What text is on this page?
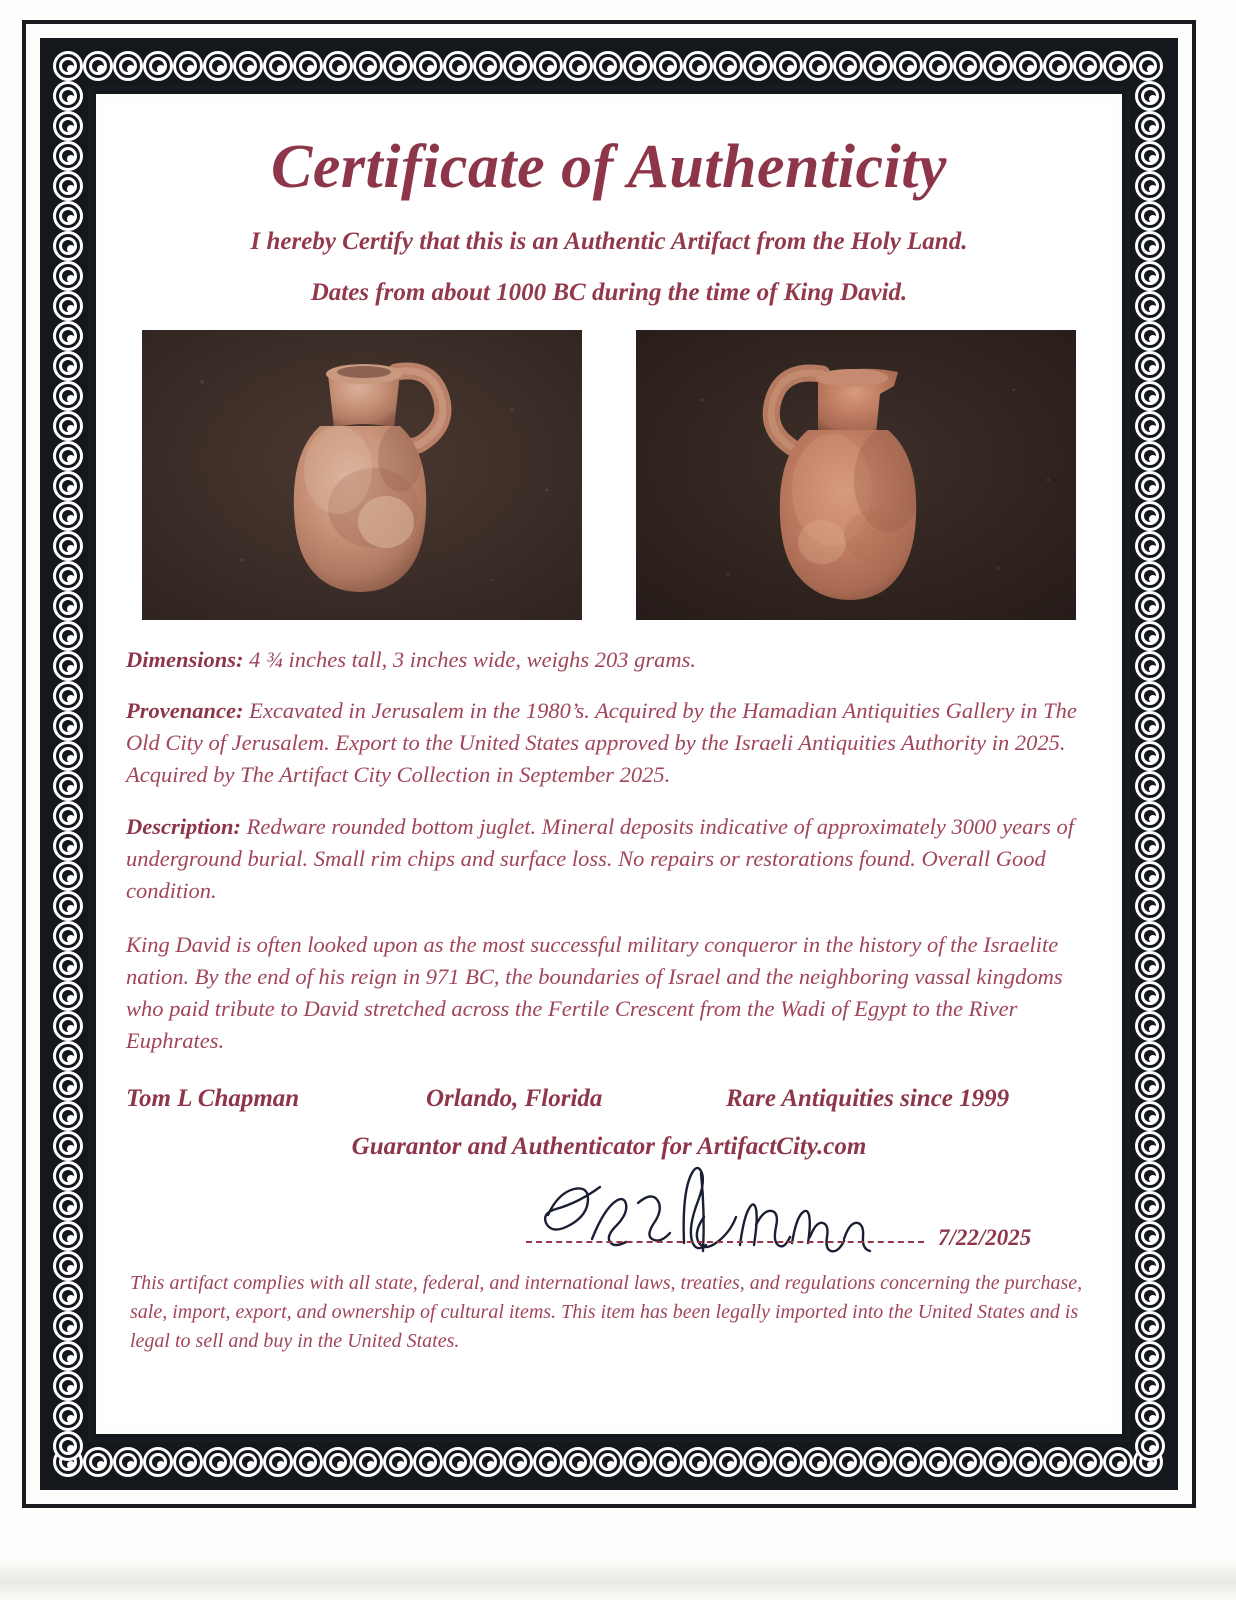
Certificate of Authenticity

I hereby Certify that this is an Authentic Artifact from the Holy Land.

Dates from about 1000 BC during the time of King David.

Dimensions: 4 ¾ inches tall, 3 inches wide, weighs 203 grams.

Provenance: Excavated in Jerusalem in the 1980’s. Acquired by the Hamadian Antiquities Gallery in The Old City of Jerusalem. Export to the United States approved by the Israeli Antiquities Authority in 2025. Acquired by The Artifact City Collection in September 2025.

Description: Redware rounded bottom juglet. Mineral deposits indicative of approximately 3000 years of underground burial. Small rim chips and surface loss. No repairs or restorations found. Overall Good condition.

King David is often looked upon as the most successful military conqueror in the history of the Israelite nation. By the end of his reign in 971 BC, the boundaries of Israel and the neighboring vassal kingdoms who paid tribute to David stretched across the Fertile Crescent from the Wadi of Egypt to the River Euphrates.

Tom L Chapman	Orlando, Florida	Rare Antiquities since 1999

Guarantor and Authenticator for ArtifactCity.com

7/22/2025

This artifact complies with all state, federal, and international laws, treaties, and regulations concerning the purchase, sale, import, export, and ownership of cultural items. This item has been legally imported into the United States and is legal to sell and buy in the United States.
